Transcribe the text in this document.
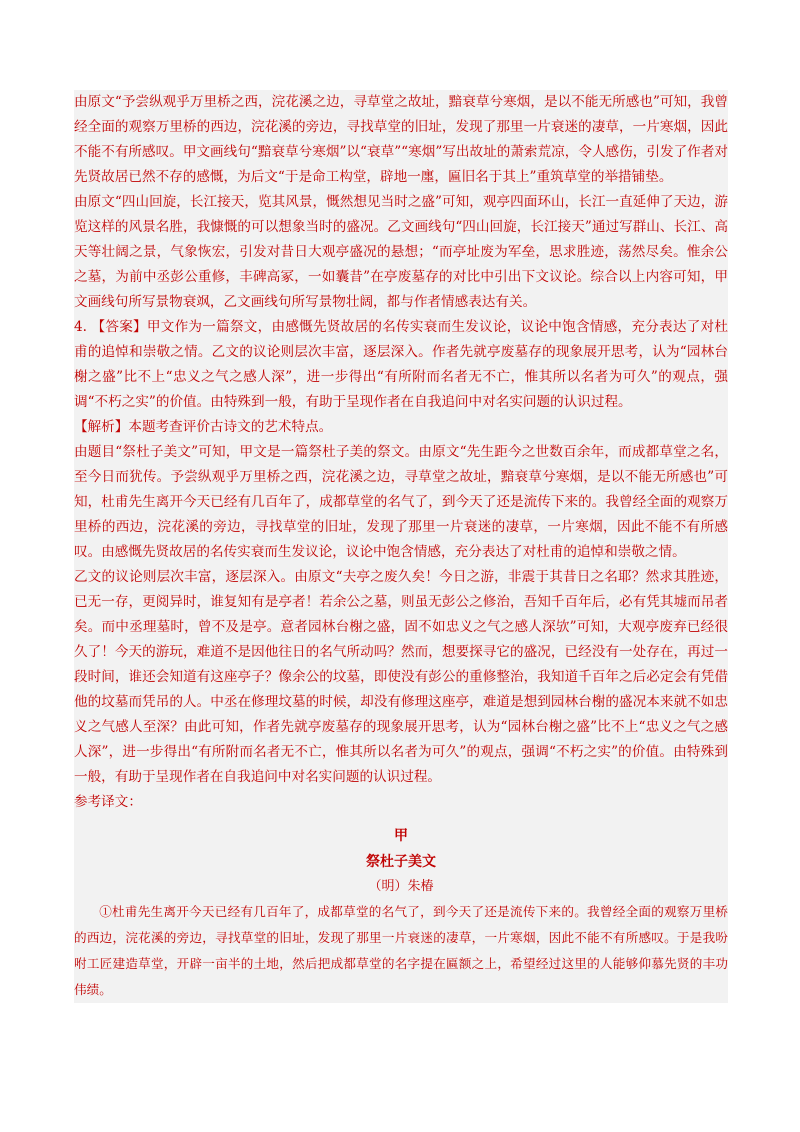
由原文“予尝纵观乎万里桥之西，浣花溪之边，寻草堂之故址，黯衰草兮寒烟，是以不能无所感也”可知，我曾经全面的观察万里桥的西边，浣花溪的旁边，寻找草堂的旧址，发现了那里一片衰迷的凄草，一片寒烟，因此不能不有所感叹。甲文画线句“黯衰草兮寒烟”以“衰草”“寒烟”写出故址的萧索荒凉，令人感伤，引发了作者对先贤故居已然不存的感慨，为后文“于是命工构堂，辟地一廛，匾旧名于其上”重筑草堂的举措铺垫。

由原文“四山回旋，长江接天，览其风景，慨然想见当时之盛”可知，观亭四面环山，长江一直延伸了天边，游览这样的风景名胜，我慷慨的可以想象当时的盛况。乙文画线句“四山回旋，长江接天”通过写群山、长江、高天等壮阔之景，气象恢宏，引发对昔日大观亭盛况的悬想；“而亭址废为军垒，思求胜迹，荡然尽矣。惟余公之墓，为前中丞彭公重修，丰碑高冢，一如囊昔”在亭废墓存的对比中引出下文议论。综合以上内容可知，甲文画线句所写景物衰飒，乙文画线句所写景物壮阔，都与作者情感表达有关。

4. 【答案】甲文作为一篇祭文，由感慨先贤故居的名传实衰而生发议论，议论中饱含情感，充分表达了对杜甫的追悼和崇敬之情。乙文的议论则层次丰富，逐层深入。作者先就亭废墓存的现象展开思考，认为“园林台榭之盛”比不上“忠义之气之感人深”，进一步得出“有所附而名者无不亡，惟其所以名者为可久”的观点，强调“不朽之实”的价值。由特殊到一般，有助于呈现作者在自我追问中对名实问题的认识过程。

【解析】本题考查评价古诗文的艺术特点。

由题目“祭杜子美文”可知，甲文是一篇祭杜子美的祭文。由原文“先生距今之世数百余年，而成都草堂之名，至今日而犹传。予尝纵观乎万里桥之西，浣花溪之边，寻草堂之故址，黯衰草兮寒烟，是以不能无所感也”可知，杜甫先生离开今天已经有几百年了，成都草堂的名气了，到今天了还是流传下来的。我曾经全面的观察万里桥的西边，浣花溪的旁边，寻找草堂的旧址，发现了那里一片衰迷的凄草，一片寒烟，因此不能不有所感叹。由感慨先贤故居的名传实衰而生发议论，议论中饱含情感，充分表达了对杜甫的追悼和崇敬之情。

乙文的议论则层次丰富，逐层深入。由原文“夫亭之废久矣！今日之游，非震于其昔日之名耶？然求其胜迹，已无一存，更阅异时，谁复知有是亭者！若余公之墓，则虽无彭公之修治，吾知千百年后，必有凭其墟而吊者矣。而中丞理墓时，曾不及是亭。意者园林台榭之盛，固不如忠义之气之感人深欤”可知，大观亭废弃已经很久了！今天的游玩，难道不是因他往日的名气所动吗？然而，想要探寻它的盛况，已经没有一处存在，再过一段时间，谁还会知道有这座亭子？像余公的坟墓，即使没有彭公的重修整治，我知道千百年之后必定会有凭借他的坟墓而凭吊的人。中丞在修理坟墓的时候，却没有修理这座亭，难道是想到园林台榭的盛况本来就不如忠义之气感人至深？由此可知，作者先就亭废墓存的现象展开思考，认为“园林台榭之盛”比不上“忠义之气之感人深”，进一步得出“有所附而名者无不亡，惟其所以名者为可久”的观点，强调“不朽之实”的价值。由特殊到一般，有助于呈现作者在自我追问中对名实问题的认识过程。

参考译文：

甲

祭杜子美文

（明）朱椿

①杜甫先生离开今天已经有几百年了，成都草堂的名气了，到今天了还是流传下来的。我曾经全面的观察万里桥的西边，浣花溪的旁边，寻找草堂的旧址，发现了那里一片衰迷的凄草，一片寒烟，因此不能不有所感叹。于是我吩咐工匠建造草堂，开辟一亩半的土地，然后把成都草堂的名字提在匾额之上，希望经过这里的人能够仰慕先贤的丰功伟绩。
